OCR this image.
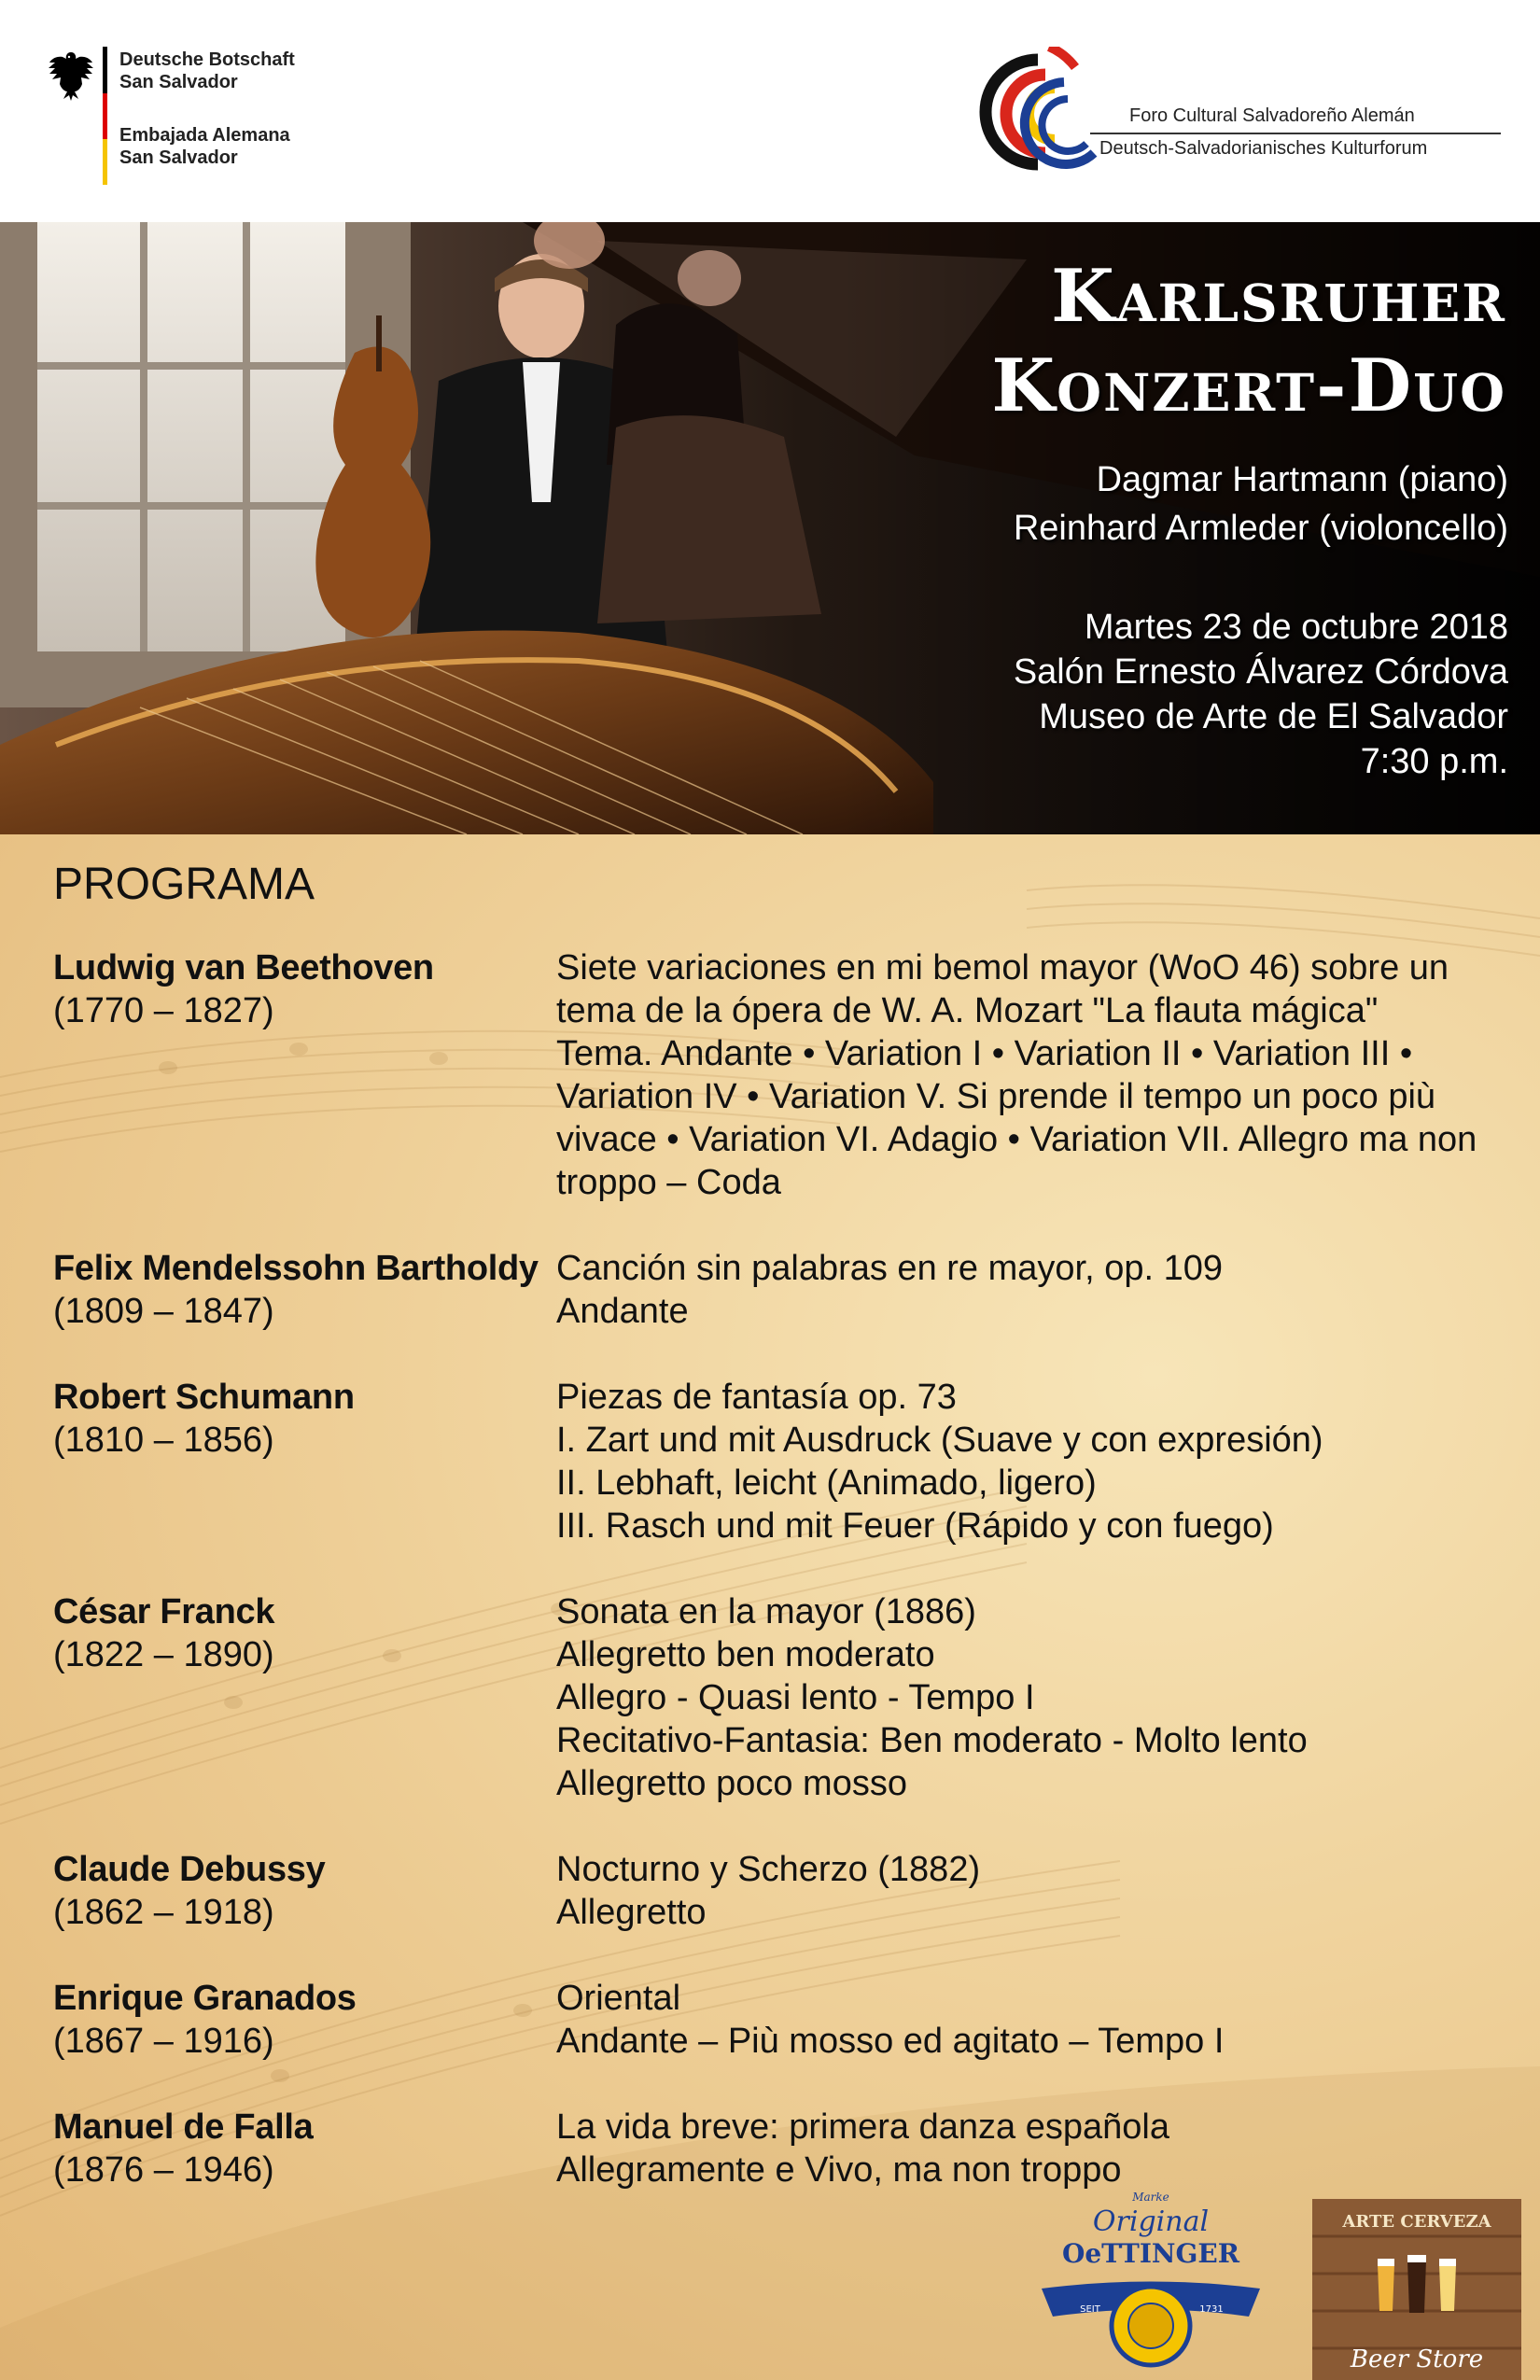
Deutsche Botschaft
San Salvador
Embajada Alemana
San Salvador
Foro Cultural Salvadoreño Alemán
Deutsch-Salvadorianisches Kulturforum
Karlsruher
Konzert-Duo
Dagmar Hartmann (piano)
Reinhard Armleder (violoncello)
Martes 23 de octubre 2018
Salón Ernesto Álvarez Córdova
Museo de Arte de El Salvador
7:30 p.m.
PROGRAMA
Ludwig van Beethoven
(1770 – 1827)
Siete variaciones en mi bemol mayor (WoO 46) sobre un
tema de la ópera de W. A. Mozart "La flauta mágica"
Tema. Andante • Variation I • Variation II • Variation III •
Variation IV • Variation V. Si prende il tempo un poco più
vivace • Variation VI. Adagio • Variation VII. Allegro ma non
troppo – Coda
Felix Mendelssohn Bartholdy
(1809 – 1847)
Canción sin palabras en re mayor, op. 109
Andante
Robert Schumann
(1810 – 1856)
Piezas de fantasía op. 73
I. Zart und mit Ausdruck (Suave y con expresión)
II. Lebhaft, leicht (Animado, ligero)
III. Rasch und mit Feuer (Rápido y con fuego)
César Franck
(1822 – 1890)
Sonata en la mayor (1886)
Allegretto ben moderato
Allegro - Quasi lento - Tempo I
Recitativo-Fantasia: Ben moderato - Molto lento
Allegretto poco mosso
Claude Debussy
(1862 – 1918)
Nocturno y Scherzo (1882)
Allegretto
Enrique Granados
(1867 – 1916)
Oriental
Andante – Più mosso ed agitato – Tempo I
Manuel de Falla
(1876 – 1946)
La vida breve: primera danza española
Allegramente e Vivo, ma non troppo
Marke
Original
OeTTINGER
SEIT	1731
ARTE CERVEZA
Beer Store
